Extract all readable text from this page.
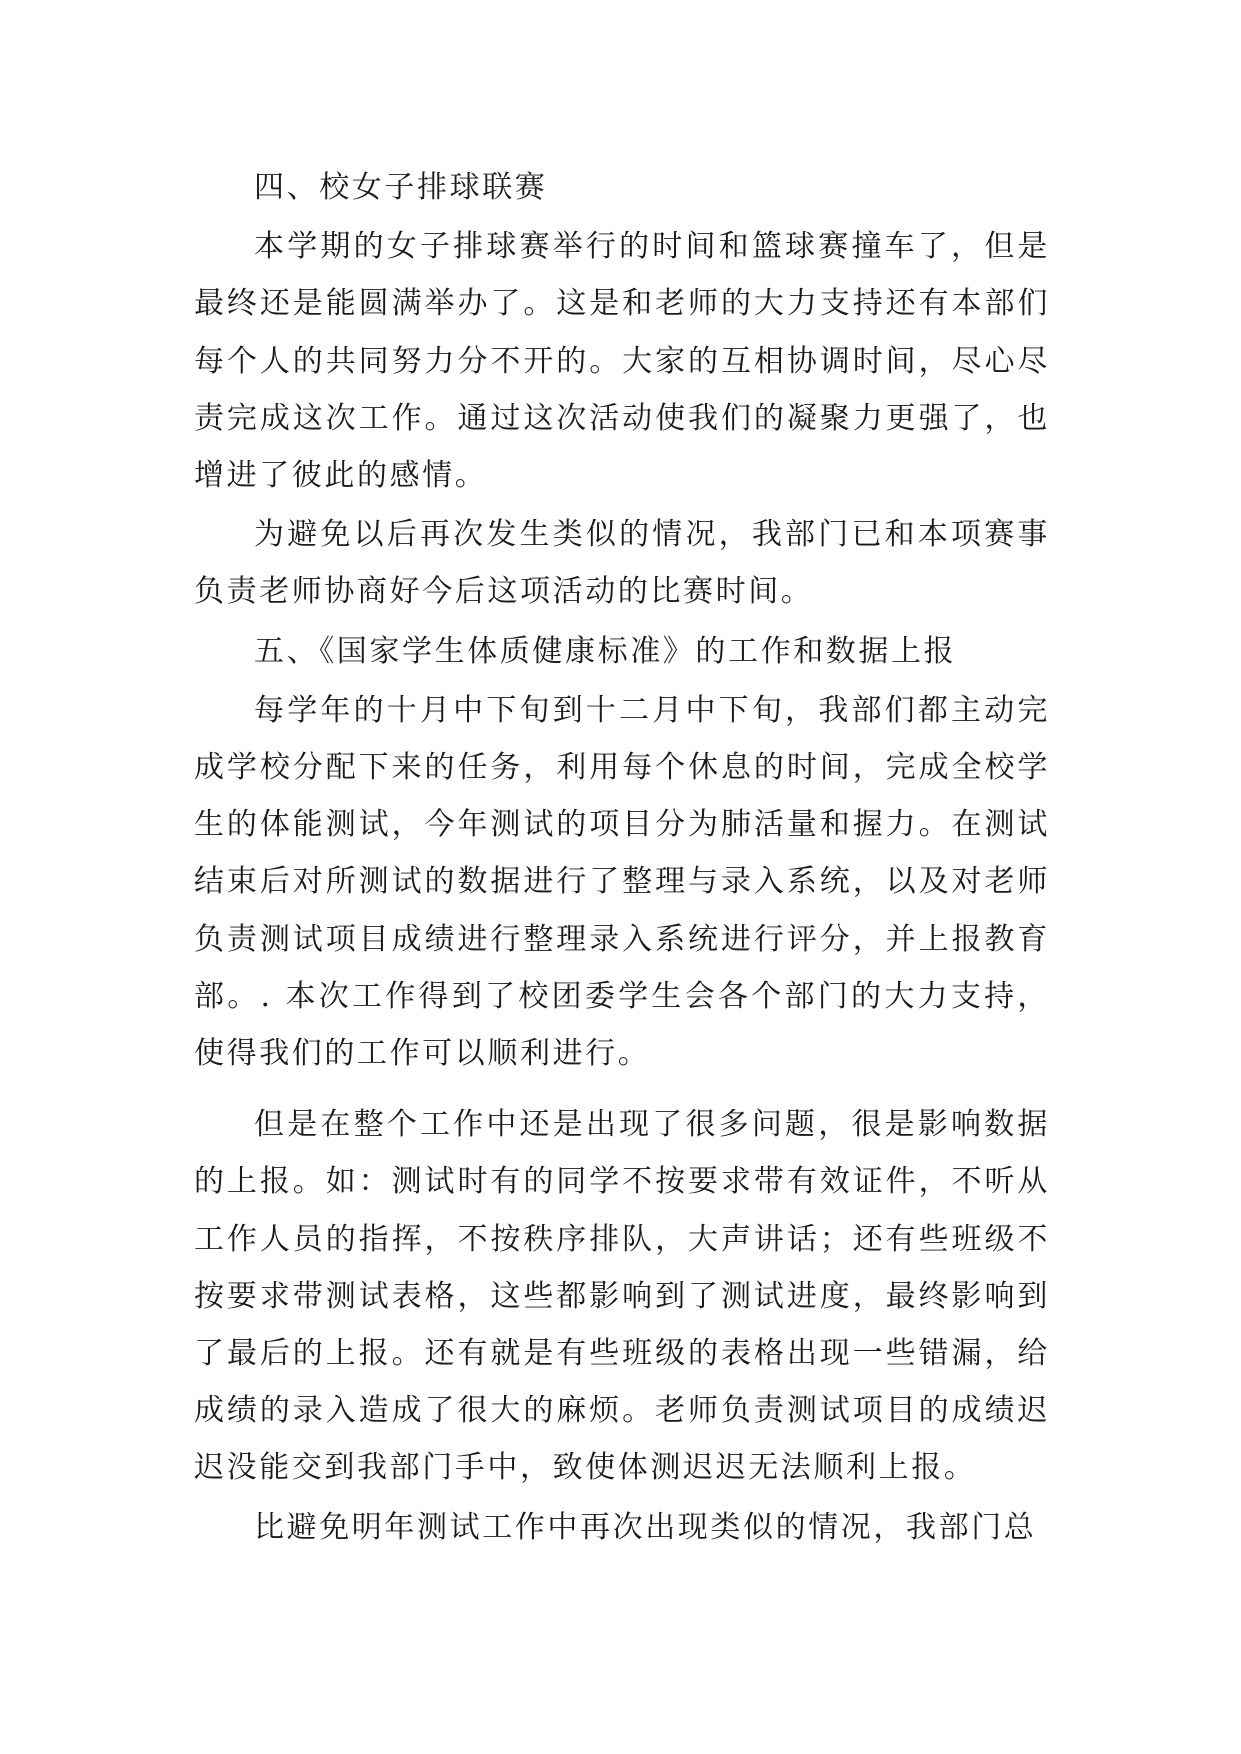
四、校女子排球联赛

本学期的女子排球赛举行的时间和篮球赛撞车了，但是最终还是能圆满举办了。这是和老师的大力支持还有本部们每个人的共同努力分不开的。大家的互相协调时间，尽心尽责完成这次工作。通过这次活动使我们的凝聚力更强了，也增进了彼此的感情。

为避免以后再次发生类似的情况，我部门已和本项赛事负责老师协商好今后这项活动的比赛时间。

五、《国家学生体质健康标准》的工作和数据上报

每学年的十月中下旬到十二月中下旬，我部们都主动完成学校分配下来的任务，利用每个休息的时间，完成全校学生的体能测试，今年测试的项目分为肺活量和握力。在测试结束后对所测试的数据进行了整理与录入系统，以及对老师负责测试项目成绩进行整理录入系统进行评分，并上报教育部。. 本次工作得到了校团委学生会各个部门的大力支持，使得我们的工作可以顺利进行。

但是在整个工作中还是出现了很多问题，很是影响数据的上报。如：测试时有的同学不按要求带有效证件，不听从工作人员的指挥，不按秩序排队，大声讲话；还有些班级不按要求带测试表格，这些都影响到了测试进度，最终影响到了最后的上报。还有就是有些班级的表格出现一些错漏，给成绩的录入造成了很大的麻烦。老师负责测试项目的成绩迟迟没能交到我部门手中，致使体测迟迟无法顺利上报。

比避免明年测试工作中再次出现类似的情况，我部门总
